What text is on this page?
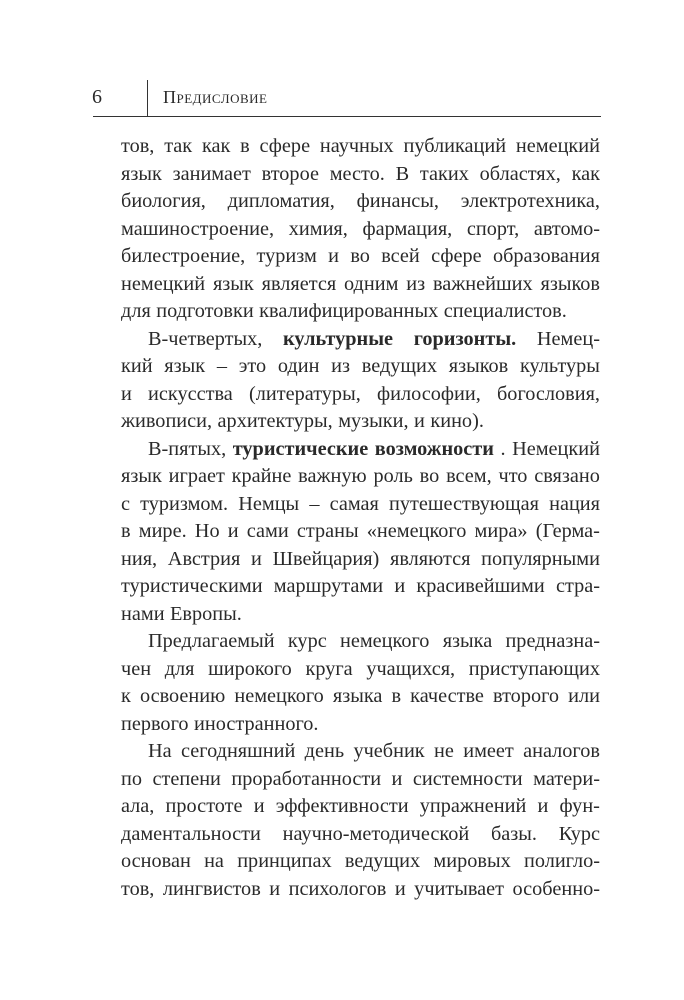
6	Предисловие
тов, так как в сфере научных публикаций немецкий
язык занимает второе место. В таких областях, как
биология, дипломатия, финансы, электротехника,
машиностроение, химия, фармация, спорт, автомо-
билестроение, туризм и во всей сфере образования
немецкий язык является одним из важнейших языков
для подготовки квалифицированных специалистов.
В-четвертых, культурные горизонты. Немец-
кий язык – это один из ведущих языков культуры
и искусства (литературы, философии, богословия,
живописи, архитектуры, музыки, и кино).
В-пятых, туристические возможности . Немецкий
язык играет крайне важную роль во всем, что связано
с туризмом. Немцы – самая путешествующая нация
в мире. Но и сами страны «немецкого мира» (Герма-
ния, Австрия и Швейцария) являются популярными
туристическими маршрутами и красивейшими стра-
нами Европы.
Предлагаемый курс немецкого языка предназна-
чен для широкого круга учащихся, приступающих
к освоению немецкого языка в качестве второго или
первого иностранного.
На сегодняшний день учебник не имеет аналогов
по степени проработанности и системности матери-
ала, простоте и эффективности упражнений и фун-
даментальности научно-методической базы. Курс
основан на принципах ведущих мировых полигло-
тов, лингвистов и психологов и учитывает особенно-
